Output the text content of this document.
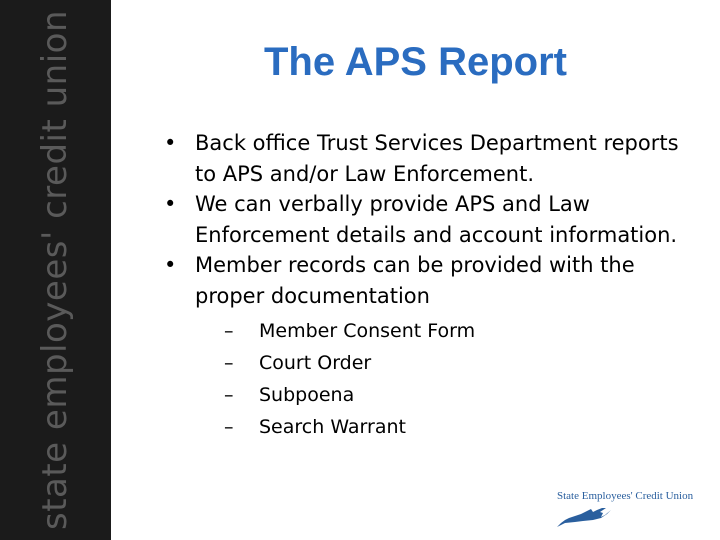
state employees' credit union	The APS Report
• Back office Trust Services Department reports to APS and/or Law Enforcement.
• We can verbally provide APS and Law Enforcement details and account information.
• Member records can be provided with the proper documentation
– Member Consent Form
– Court Order
– Subpoena
– Search Warrant
State Employees' Credit Union
